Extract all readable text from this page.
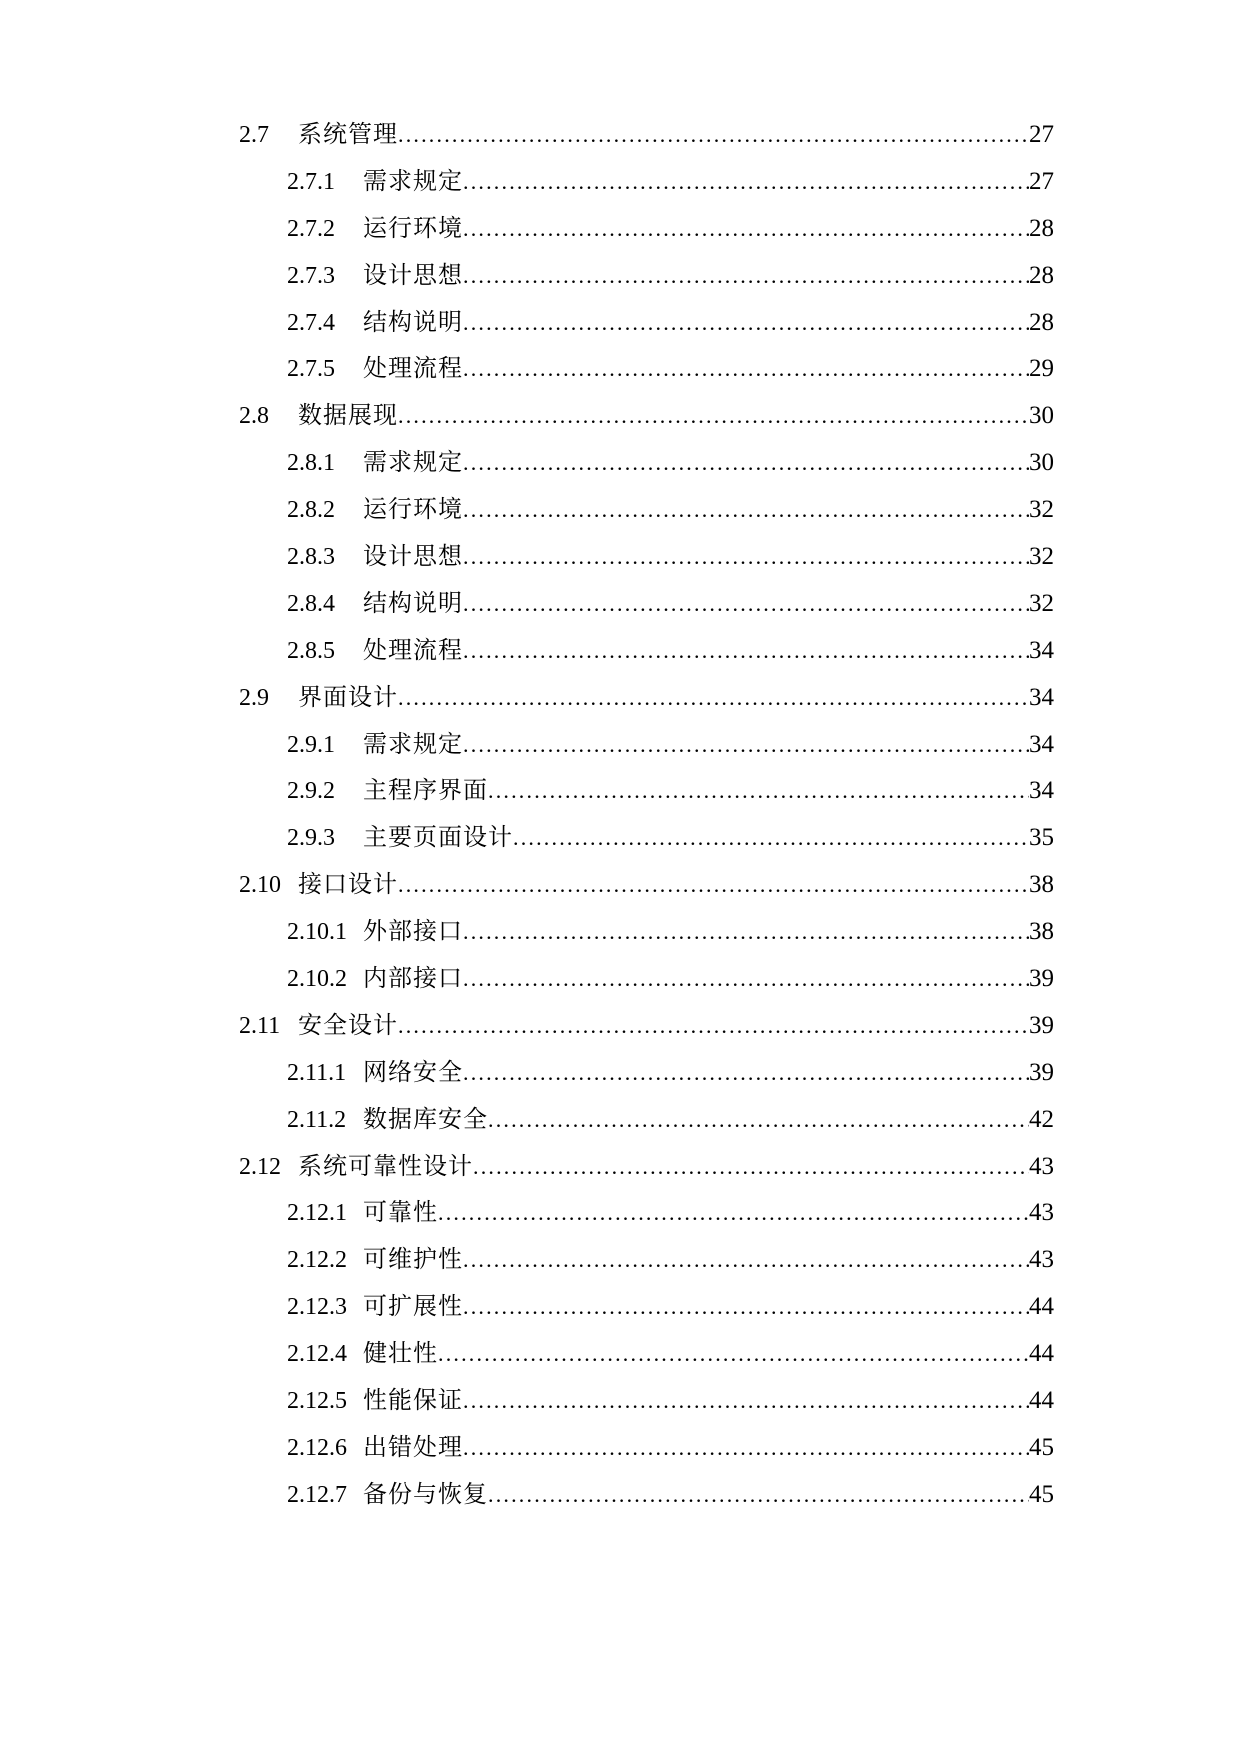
2.7	系统管理 .....	27
2.7.1	需求规定 .....	27
2.7.2	运行环境 .....	28
2.7.3	设计思想 .....	28
2.7.4	结构说明 .....	28
2.7.5	处理流程 .....	29
2.8	数据展现 .....	30
2.8.1	需求规定 .....	30
2.8.2	运行环境 .....	32
2.8.3	设计思想 .....	32
2.8.4	结构说明 .....	32
2.8.5	处理流程 .....	34
2.9	界面设计 .....	34
2.9.1	需求规定 .....	34
2.9.2	主程序界面 .....	34
2.9.3	主要页面设计 .....	35
2.10 接口设计 .....	38
2.10.1 外部接口 .....	38
2.10.2 内部接口 .....	39
2.11 安全设计 .....	39
2.11.1 网络安全 .....	39
2.11.2 数据库安全 .....	42
2.12 系统可靠性设计 .....	43
2.12.1 可靠性 .....	43
2.12.2 可维护性 .....	43
2.12.3 可扩展性 .....	44
2.12.4 健壮性 .....	44
2.12.5 性能保证 .....	44
2.12.6 出错处理 .....	45
2.12.7 备份与恢复 .....	45
